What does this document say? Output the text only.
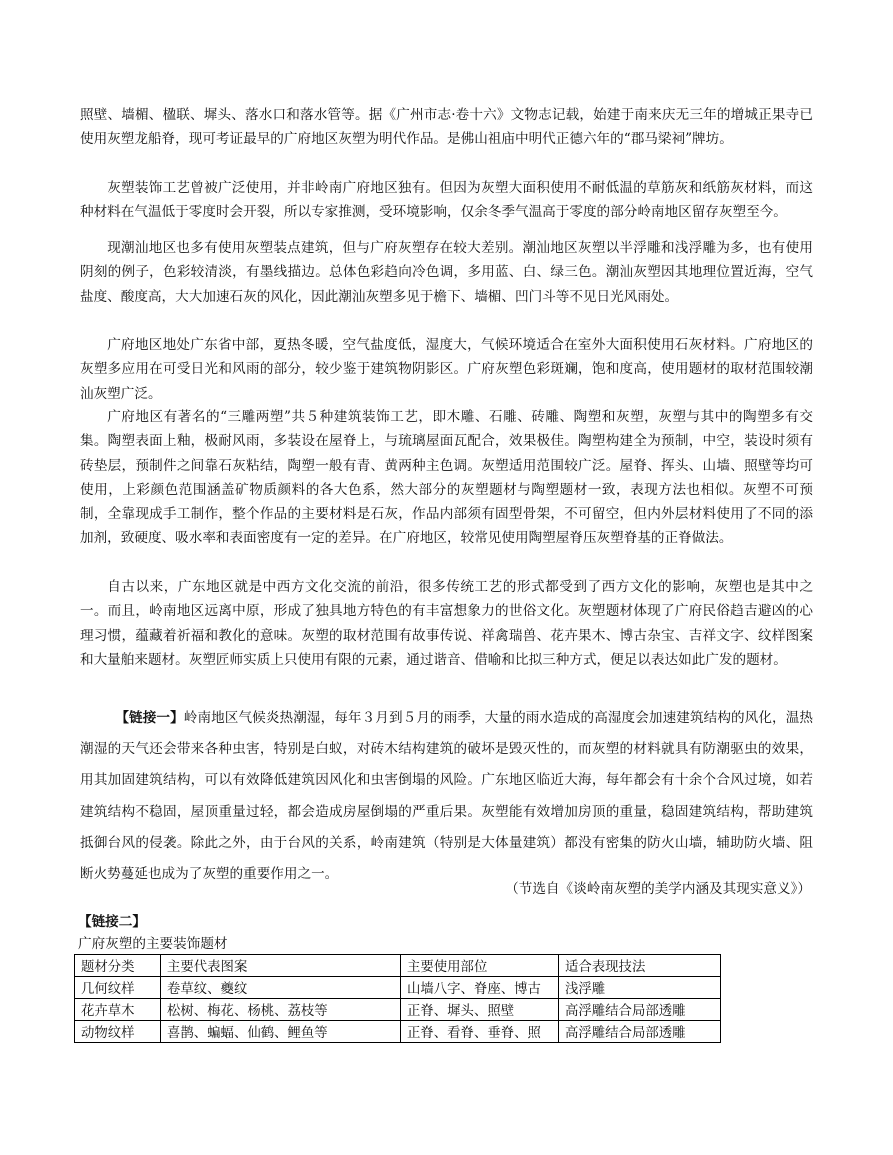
照壁、墙楣、楹联、墀头、落水口和落水管等。据《广州市志·卷十六》文物志记载，始建于南来庆无三年的增城正果寺已使用灰塑龙船脊，现可考证最早的广府地区灰塑为明代作品。是佛山祖庙中明代正德六年的“郡马梁祠”牌坊。

灰塑装饰工艺曾被广泛使用，并非岭南广府地区独有。但因为灰塑大面积使用不耐低温的草筋灰和纸筋灰材料，而这种材料在气温低于零度时会开裂，所以专家推测，受环境影响，仅余冬季气温高于零度的部分岭南地区留存灰塑至今。

现潮汕地区也多有使用灰塑装点建筑，但与广府灰塑存在较大差别。潮汕地区灰塑以半浮雕和浅浮雕为多，也有使用阴刻的例子，色彩较清淡，有墨线描边。总体色彩趋向冷色调，多用蓝、白、绿三色。潮汕灰塑因其地理位置近海，空气盐度、酸度高，大大加速石灰的风化，因此潮汕灰塑多见于檐下、墙楣、凹门斗等不见日光风雨处。

广府地区地处广东省中部，夏热冬暖，空气盐度低，湿度大，气候环境适合在室外大面积使用石灰材料。广府地区的灰塑多应用在可受日光和风雨的部分，较少鉴于建筑物阴影区。广府灰塑色彩斑斓，饱和度高，使用题材的取材范围较潮汕灰塑广泛。

广府地区有著名的“三雕两塑”共５种建筑装饰工艺，即木雕、石雕、砖雕、陶塑和灰塑，灰塑与其中的陶塑多有交集。陶塑表面上釉，极耐风雨，多装设在屋脊上，与琉璃屋面瓦配合，效果极佳。陶塑构建全为预制，中空，装设时须有砖垫层，预制件之间靠石灰粘结，陶塑一般有青、黄两种主色调。灰塑适用范围较广泛。屋脊、挥头、山墙、照壁等均可使用，上彩颜色范围涵盖矿物质颜料的各大色系，然大部分的灰塑题材与陶塑题材一致，表现方法也相似。灰塑不可预制，全靠现成手工制作，整个作品的主要材料是石灰，作品内部须有固型骨架，不可留空，但内外层材料使用了不同的添加剂，致硬度、吸水率和表面密度有一定的差异。在广府地区，较常见使用陶塑屋脊压灰塑脊基的正脊做法。

自古以来，广东地区就是中西方文化交流的前沿，很多传统工艺的形式都受到了西方文化的影响，灰塑也是其中之一。而且，岭南地区远离中原，形成了独具地方特色的有丰富想象力的世俗文化。灰塑题材体现了广府民俗趋吉避凶的心理习惯，蕴藏着祈福和教化的意味。灰塑的取材范围有故事传说、祥禽瑞兽、花卉果木、博古杂宝、吉祥文字、纹样图案和大量舶来题材。灰塑匠师实质上只使用有限的元素，通过谐音、借喻和比拟三种方式，便足以表达如此广发的题材。

【链接一】岭南地区气候炎热潮湿，每年３月到５月的雨季，大量的雨水造成的高湿度会加速建筑结构的风化，温热潮湿的天气还会带来各种虫害，特别是白蚁，对砖木结构建筑的破坏是毁灭性的，而灰塑的材料就具有防潮驱虫的效果，用其加固建筑结构，可以有效降低建筑因风化和虫害倒塌的风险。广东地区临近大海，每年都会有十余个合风过境，如若建筑结构不稳固，屋顶重量过轻，都会造成房屋倒塌的严重后果。灰塑能有效增加房顶的重量，稳固建筑结构，帮助建筑抵御台风的侵袭。除此之外，由于台风的关系，岭南建筑（特别是大体量建筑）都没有密集的防火山墙，辅助防火墙、阻断火势蔓延也成为了灰塑的重要作用之一。

（节选自《谈岭南灰塑的美学内涵及其现实意义》）
【链接二】
广府灰塑的主要装饰题材
题材分类	主要代表图案	主要使用部位	适合表现技法
几何纹样	卷草纹、夔纹	山墙八字、脊座、博古	浅浮雕
花卉草木	松树、梅花、杨桃、荔枝等	正脊、墀头、照壁	高浮雕结合局部透雕
动物纹样	喜鹊、蝙蝠、仙鹤、鲤鱼等	正脊、看脊、垂脊、照	高浮雕结合局部透雕
